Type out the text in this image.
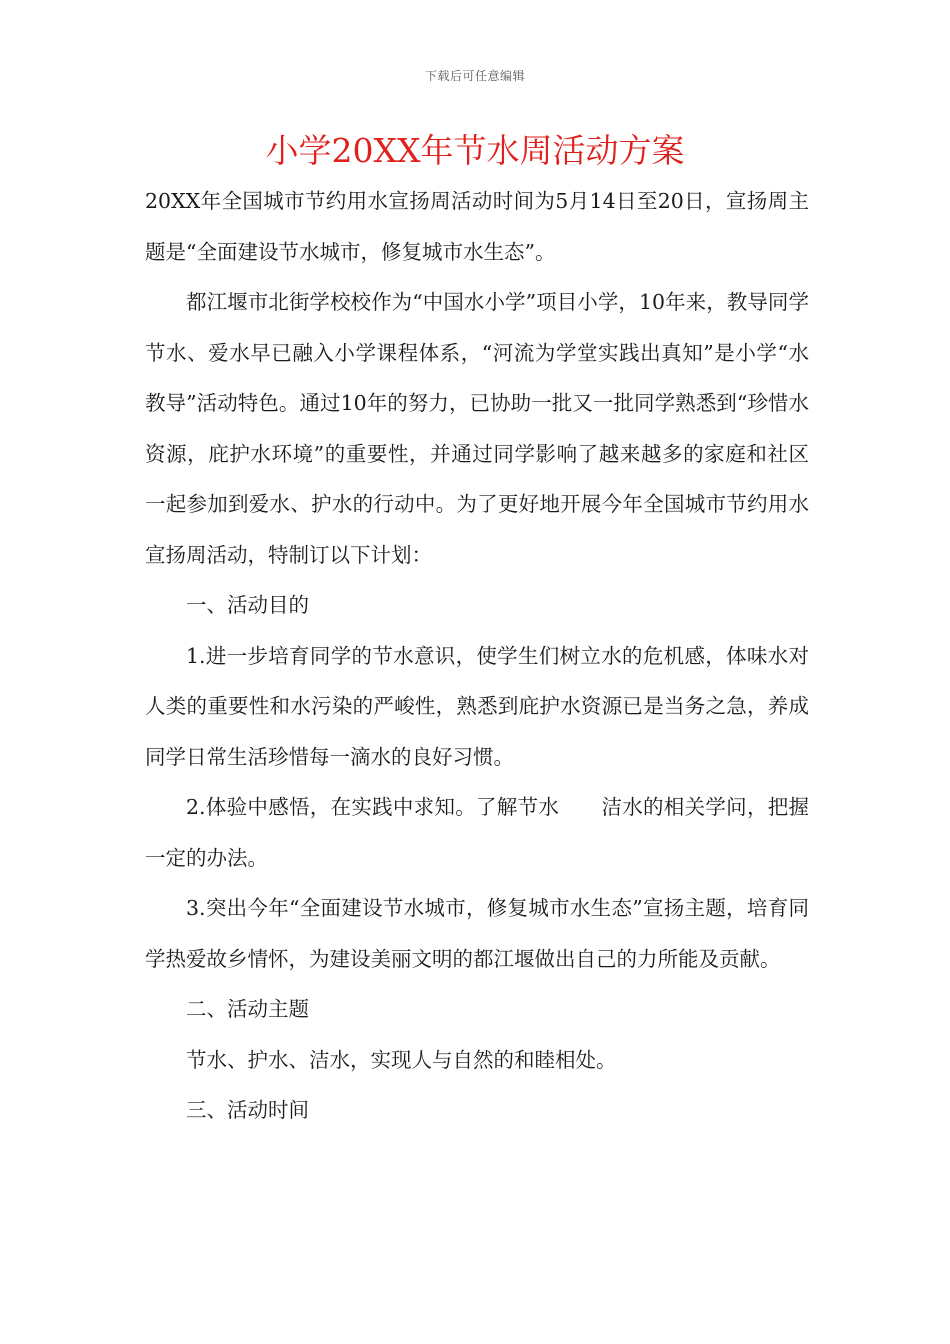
下载后可任意编辑
小学20XX年节水周活动方案

20XX年全国城市节约用水宣扬周活动时间为5月14日至20日，宣扬周主题是“全面建设节水城市，修复城市水生态”。

都江堰市北街学校校作为“中国水小学”项目小学，10年来，教导同学节水、爱水早已融入小学课程体系，“河流为学堂实践出真知”是小学“水教导”活动特色。通过10年的努力，已协助一批又一批同学熟悉到“珍惜水资源，庇护水环境”的重要性，并通过同学影响了越来越多的家庭和社区一起参加到爱水、护水的行动中。为了更好地开展今年全国城市节约用水宣扬周活动，特制订以下计划：

一、活动目的

1.进一步培育同学的节水意识，使学生们树立水的危机感，体味水对人类的重要性和水污染的严峻性，熟悉到庇护水资源已是当务之急，养成同学日常生活珍惜每一滴水的良好习惯。

2.体验中感悟，在实践中求知。了解节水 洁水的相关学问，把握一定的办法。

3.突出今年“全面建设节水城市，修复城市水生态”宣扬主题，培育同学热爱故乡情怀，为建设美丽文明的都江堰做出自己的力所能及贡献。

二、活动主题

节水、护水、洁水，实现人与自然的和睦相处。

三、活动时间
